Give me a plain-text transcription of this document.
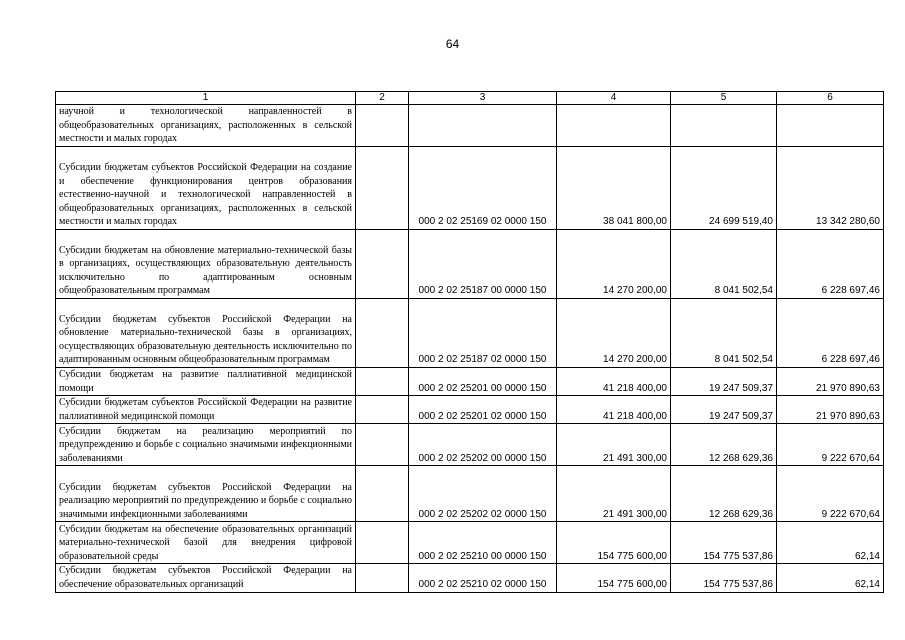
64
1	2	3	4	5	6
научной и технологической направленностей в общеобразовательных организациях, расположенных в сельской местности и малых городах					
Субсидии бюджетам субъектов Российской Федерации на создание и обеспечение функционирования центров образования естественно-научной и технологической направленностей в общеобразовательных организациях, расположенных в сельской местности и малых городах		000 2 02 25169 02 0000 150	38 041 800,00	24 699 519,40	13 342 280,60
Субсидии бюджетам на обновление материально-технической базы в организациях, осуществляющих образовательную деятельность исключительно по адаптированным основным общеобразовательным программам		000 2 02 25187 00 0000 150	14 270 200,00	8 041 502,54	6 228 697,46
Субсидии бюджетам субъектов Российской Федерации на обновление материально-технической базы в организациях, осуществляющих образовательную деятельность исключительно по адаптированным основным общеобразовательным программам		000 2 02 25187 02 0000 150	14 270 200,00	8 041 502,54	6 228 697,46
Субсидии бюджетам на развитие паллиативной медицинской помощи		000 2 02 25201 00 0000 150	41 218 400,00	19 247 509,37	21 970 890,63
Субсидии бюджетам субъектов Российской Федерации на развитие паллиативной медицинской помощи		000 2 02 25201 02 0000 150	41 218 400,00	19 247 509,37	21 970 890,63
Субсидии бюджетам на реализацию мероприятий по предупреждению и борьбе с социально значимыми инфекционными заболеваниями		000 2 02 25202 00 0000 150	21 491 300,00	12 268 629,36	9 222 670,64
Субсидии бюджетам субъектов Российской Федерации на реализацию мероприятий по предупреждению и борьбе с социально значимыми инфекционными заболеваниями		000 2 02 25202 02 0000 150	21 491 300,00	12 268 629,36	9 222 670,64
Субсидии бюджетам на обеспечение образовательных организаций материально-технической базой для внедрения цифровой образовательной среды		000 2 02 25210 00 0000 150	154 775 600,00	154 775 537,86	62,14
Субсидии бюджетам субъектов Российской Федерации на обеспечение образовательных организаций		000 2 02 25210 02 0000 150	154 775 600,00	154 775 537,86	62,14
